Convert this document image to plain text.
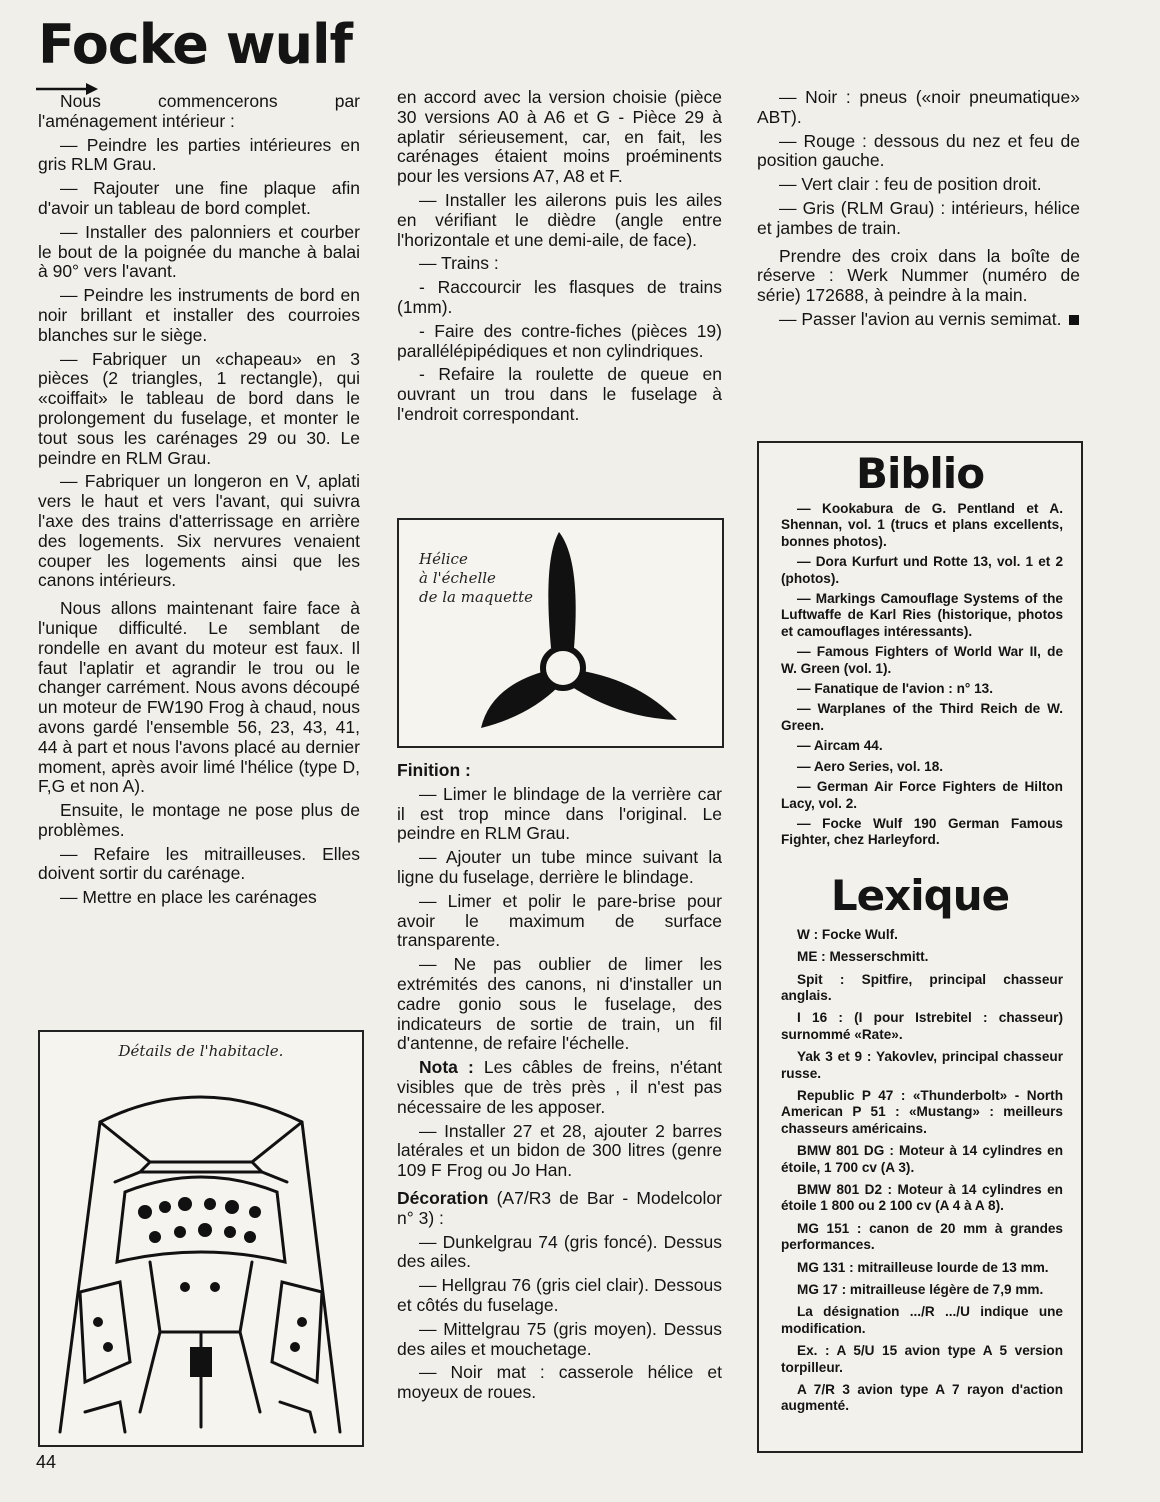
Focke wulf

Nous commencerons par l'aménagement intérieur :

— Peindre les parties intérieures en gris RLM Grau.

— Rajouter une fine plaque afin d'avoir un tableau de bord complet.

— Installer des palonniers et courber le bout de la poignée du manche à balai à 90° vers l'avant.

— Peindre les instruments de bord en noir brillant et installer des courroies blanches sur le siège.

— Fabriquer un «chapeau» en 3 pièces (2 triangles, 1 rectangle), qui «coiffait» le tableau de bord dans le prolongement du fuselage, et monter le tout sous les carénages 29 ou 30. Le peindre en RLM Grau.

— Fabriquer un longeron en V, aplati vers le haut et vers l'avant, qui suivra l'axe des trains d'atterrissage en arrière des logements. Six nervures venaient couper les logements ainsi que les canons intérieurs.

Nous allons maintenant faire face à l'unique difficulté. Le semblant de rondelle en avant du moteur est faux. Il faut l'aplatir et agrandir le trou ou le changer carrément. Nous avons découpé un moteur de FW190 Frog à chaud, nous avons gardé l'ensemble 56, 23, 43, 41, 44 à part et nous l'avons placé au dernier moment, après avoir limé l'hélice (type D, F,G et non A).

Ensuite, le montage ne pose plus de problèmes.

— Refaire les mitrailleuses. Elles doivent sortir du carénage.

— Mettre en place les carénages

Détails de l'habitacle.

en accord avec la version choisie (pièce 30 versions A0 à A6 et G - Pièce 29 à aplatir sérieusement, car, en fait, les carénages étaient moins proéminents pour les versions A7, A8 et F.

— Installer les ailerons puis les ailes en vérifiant le dièdre (angle entre l'horizontale et une demi-aile, de face).

— Trains :

- Raccourcir les flasques de trains (1mm).

- Faire des contre-fiches (pièces 19) parallélépipédiques et non cylindriques.

- Refaire la roulette de queue en ouvrant un trou dans le fuselage à l'endroit correspondant.

Hélice
à l'échelle
de la maquette

Finition :

— Limer le blindage de la verrière car il est trop mince dans l'original. Le peindre en RLM Grau.

— Ajouter un tube mince suivant la ligne du fuselage, derrière le blindage.

— Limer et polir le pare-brise pour avoir le maximum de surface transparente.

— Ne pas oublier de limer les extrémités des canons, ni d'installer un cadre gonio sous le fuselage, des indicateurs de sortie de train, un fil d'antenne, de refaire l'échelle.

Nota : Les câbles de freins, n'étant visibles que de très près , il n'est pas nécessaire de les apposer.

— Installer 27 et 28, ajouter 2 barres latérales et un bidon de 300 litres (genre 109 F Frog ou Jo Han.

Décoration (A7/R3 de Bar - Modelcolor n° 3) :

— Dunkelgrau 74 (gris foncé). Dessus des ailes.

— Hellgrau 76 (gris ciel clair). Dessous et côtés du fuselage.

— Mittelgrau 75 (gris moyen). Dessus des ailes et mouchetage.

— Noir mat : casserole hélice et moyeux de roues.

— Noir : pneus («noir pneumatique» ABT).

— Rouge : dessous du nez et feu de position gauche.

— Vert clair : feu de position droit.

— Gris (RLM Grau) : intérieurs, hélice et jambes de train.

Prendre des croix dans la boîte de réserve : Werk Nummer (numéro de série) 172688, à peindre à la main.

— Passer l'avion au vernis semimat.

Biblio
— Kookabura de G. Pentland et A. Shennan, vol. 1 (trucs et plans excellents, bonnes photos).
— Dora Kurfurt und Rotte 13, vol. 1 et 2 (photos).
— Markings Camouflage Systems of the Luftwaffe de Karl Ries (historique, photos et camouflages intéressants).
— Famous Fighters of World War II, de W. Green (vol. 1).
— Fanatique de l'avion : n° 13.
— Warplanes of the Third Reich de W. Green.
— Aircam 44.
— Aero Series, vol. 18.
— German Air Force Fighters de Hilton Lacy, vol. 2.
— Focke Wulf 190 German Famous Fighter, chez Harleyford.
Lexique
W : Focke Wulf.
ME : Messerschmitt.
Spit : Spitfire, principal chasseur anglais.
I 16 : (I pour Istrebitel : chasseur) surnommé «Rate».
Yak 3 et 9 : Yakovlev, principal chasseur russe.
Republic P 47 : «Thunderbolt» - North American P 51 : «Mustang» : meilleurs chasseurs américains.
BMW 801 DG : Moteur à 14 cylindres en étoile, 1 700 cv (A 3).
BMW 801 D2 : Moteur à 14 cylindres en étoile 1 800 ou 2 100 cv (A 4 à A 8).
MG 151 : canon de 20 mm à grandes performances.
MG 131 : mitrailleuse lourde de 13 mm.
MG 17 : mitrailleuse légère de 7,9 mm.
La désignation .../R .../U indique une modification.
Ex. : A 5/U 15 avion type A 5 version torpilleur.
A 7/R 3 avion type A 7 rayon d'action augmenté.
44
